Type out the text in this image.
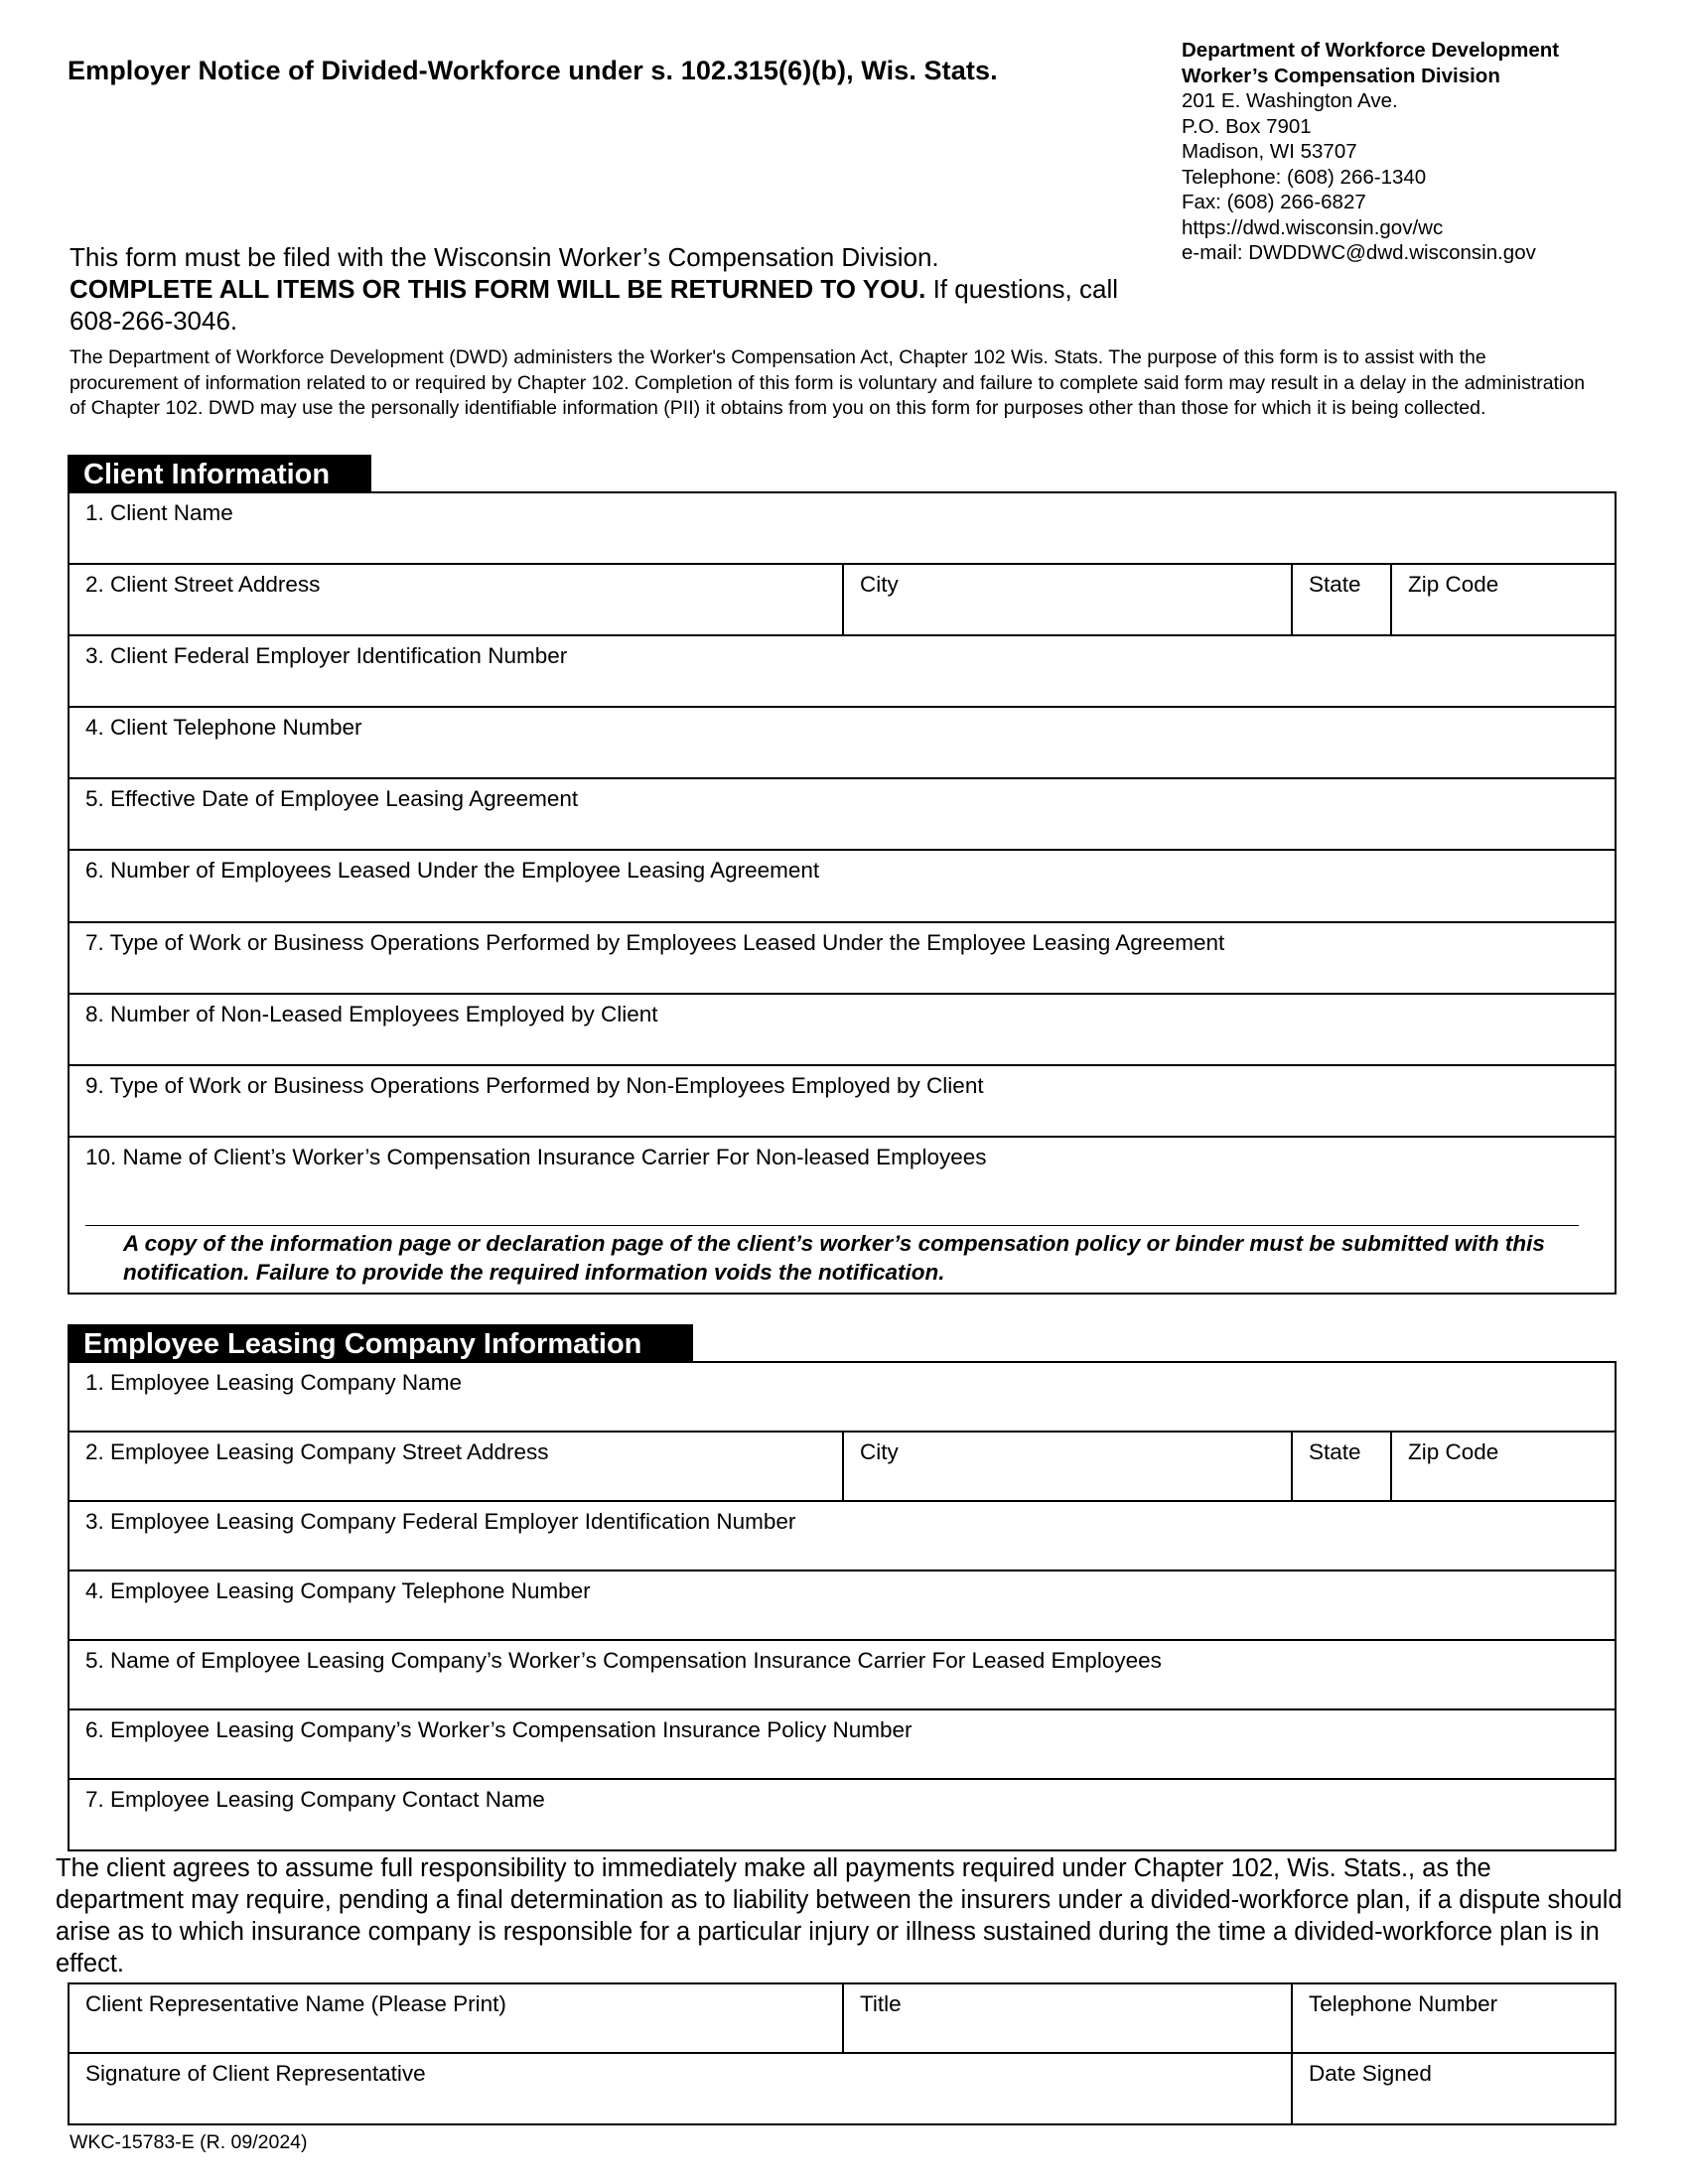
Employer Notice of Divided-Workforce under s. 102.315(6)(b), Wis. Stats.
Department of Workforce Development
Worker’s Compensation Division
201 E. Washington Ave.
P.O. Box 7901
Madison, WI 53707
Telephone: (608) 266-1340
Fax: (608) 266-6827
https://dwd.wisconsin.gov/wc
e-mail: DWDDWC@dwd.wisconsin.gov
This form must be filed with the Wisconsin Worker’s Compensation Division.
COMPLETE ALL ITEMS OR THIS FORM WILL BE RETURNED TO YOU. If questions, call 608-266-3046.
The Department of Workforce Development (DWD) administers the Worker's Compensation Act, Chapter 102 Wis. Stats. The purpose of this form is to assist with the procurement of information related to or required by Chapter 102. Completion of this form is voluntary and failure to complete said form may result in a delay in the administration of Chapter 102. DWD may use the personally identifiable information (PII) it obtains from you on this form for purposes other than those for which it is being collected.
Client Information
1. Client Name
2. Client Street Address	City	State	Zip Code
3. Client Federal Employer Identification Number
4. Client Telephone Number
5. Effective Date of Employee Leasing Agreement
6. Number of Employees Leased Under the Employee Leasing Agreement
7. Type of Work or Business Operations Performed by Employees Leased Under the Employee Leasing Agreement
8. Number of Non-Leased Employees Employed by Client
9. Type of Work or Business Operations Performed by Non-Employees Employed by Client
10. Name of Client’s Worker’s Compensation Insurance Carrier For Non-leased Employees
A copy of the information page or declaration page of the client’s worker’s compensation policy or binder must be submitted with this notification. Failure to provide the required information voids the notification.
Employee Leasing Company Information
1. Employee Leasing Company Name
2. Employee Leasing Company Street Address	City	State	Zip Code
3. Employee Leasing Company Federal Employer Identification Number
4. Employee Leasing Company Telephone Number
5. Name of Employee Leasing Company’s Worker’s Compensation Insurance Carrier For Leased Employees
6. Employee Leasing Company’s Worker’s Compensation Insurance Policy Number
7. Employee Leasing Company Contact Name
The client agrees to assume full responsibility to immediately make all payments required under Chapter 102, Wis. Stats., as the department may require, pending a final determination as to liability between the insurers under a divided-workforce plan, if a dispute should arise as to which insurance company is responsible for a particular injury or illness sustained during the time a divided-workforce plan is in effect.
Client Representative Name (Please Print)	Title	Telephone Number
Signature of Client Representative	Date Signed
WKC-15783-E (R. 09/2024)
